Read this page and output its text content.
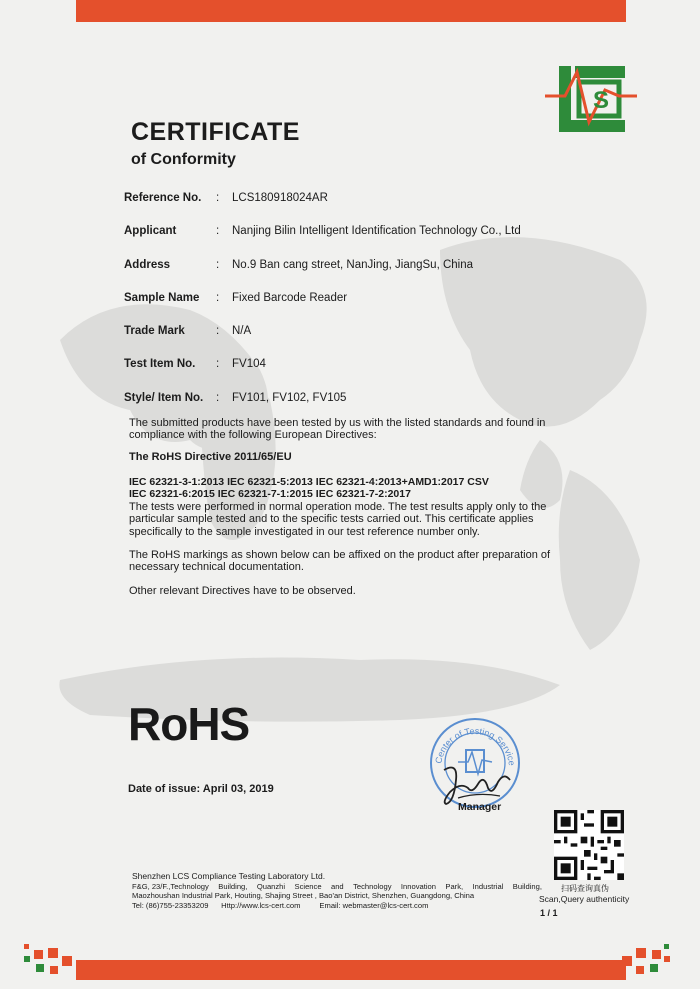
S
CERTIFICATE
of Conformity
Reference No.	:	LCS180918024AR
Applicant	:	Nanjing Bilin Intelligent Identification Technology Co., Ltd
Address	:	No.9 Ban cang street, NanJing, JiangSu, China
Sample Name	:	Fixed Barcode Reader
Trade Mark	:	N/A
Test Item No.	:	FV104
Style/ Item No.	:	FV101, FV102, FV105
The submitted products have been tested by us with the listed standards and found in compliance with the following European Directives:
The RoHS Directive 2011/65/EU
IEC 62321-3-1:2013 IEC 62321-5:2013 IEC 62321-4:2013+AMD1:2017 CSV
IEC 62321-6:2015 IEC 62321-7-1:2015 IEC 62321-7-2:2017
The tests were performed in normal operation mode. The test results apply only to the particular sample tested and to the specific tests carried out. This certificate applies specifically to the sample investigated in our test reference number only.
The RoHS markings as shown below can be affixed on the product after preparation of necessary technical documentation.
Other relevant Directives have to be observed.
RoHS
Date of issue: April 03, 2019
Center of Testing Service
Manager
扫码查询真伪
Scan,Query authenticity
1 / 1
Shenzhen LCS Compliance Testing Laboratory Ltd.
F&G, 23/F.,Technology Building, Quanzhi Science and Technology Innovation Park, Industrial Building,
Maozhoushan Industrial Park, Houting, Shajing Street , Bao'an District, Shenzhen, Guangdong, China
Tel: (86)755-23353209 Http://www.lcs-cert.com	Email: webmaster@lcs-cert.com
